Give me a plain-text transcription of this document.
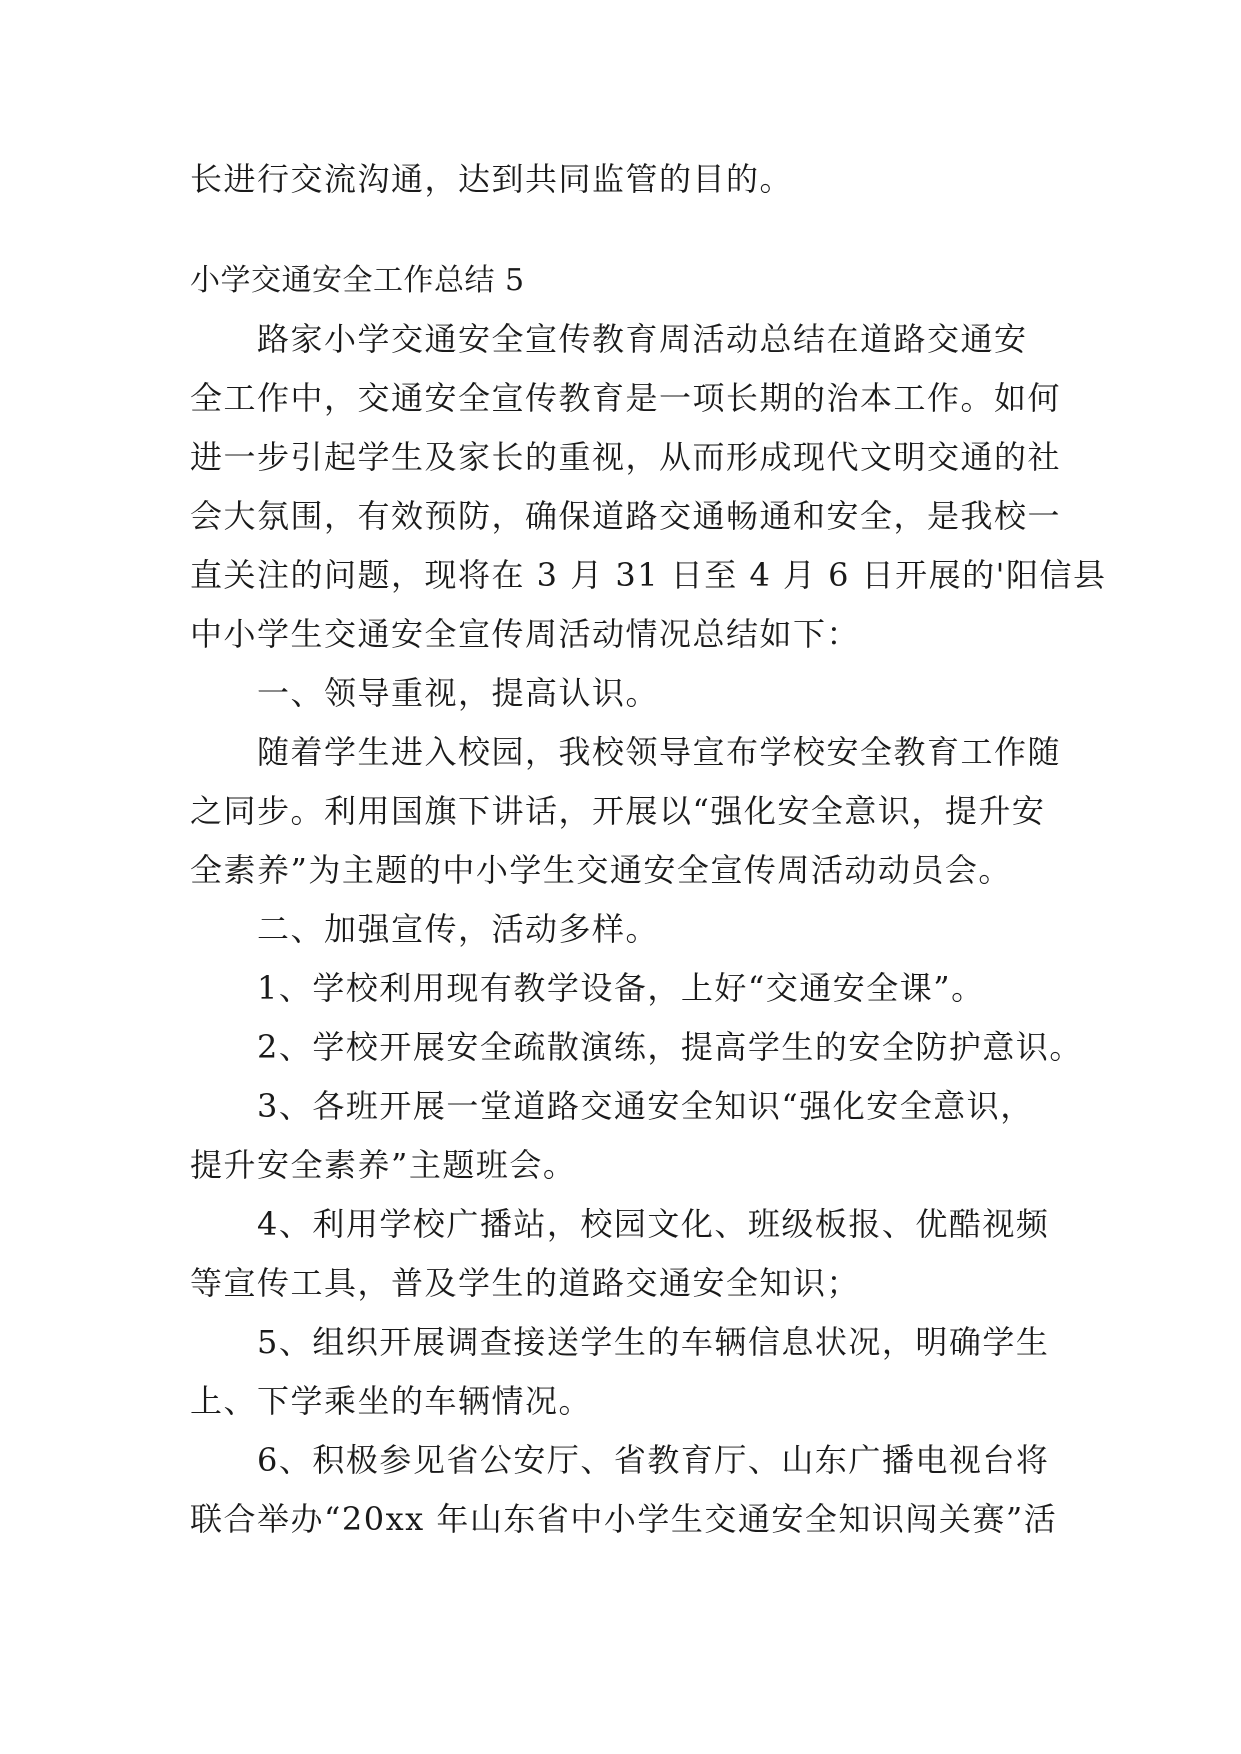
长进行交流沟通，达到共同监管的目的。
小学交通安全工作总结 5
　　路家小学交通安全宣传教育周活动总结在道路交通安
全工作中，交通安全宣传教育是一项长期的治本工作。如何
进一步引起学生及家长的重视，从而形成现代文明交通的社
会大氛围，有效预防，确保道路交通畅通和安全，是我校一
直关注的问题，现将在 3 月 31 日至 4 月 6 日开展的'阳信县
中小学生交通安全宣传周活动情况总结如下：
　　一、领导重视，提高认识。
　　随着学生进入校园，我校领导宣布学校安全教育工作随
之同步。利用国旗下讲话，开展以“强化安全意识，提升安
全素养”为主题的中小学生交通安全宣传周活动动员会。
　　二、加强宣传，活动多样。
　　1、学校利用现有教学设备，上好“交通安全课”。
　　2、学校开展安全疏散演练，提高学生的安全防护意识。
　　3、各班开展一堂道路交通安全知识“强化安全意识，
提升安全素养”主题班会。
　　4、利用学校广播站，校园文化、班级板报、优酷视频
等宣传工具，普及学生的道路交通安全知识；
　　5、组织开展调查接送学生的车辆信息状况，明确学生
上、下学乘坐的车辆情况。
　　6、积极参见省公安厅、省教育厅、山东广播电视台将
联合举办“20xx 年山东省中小学生交通安全知识闯关赛”活
